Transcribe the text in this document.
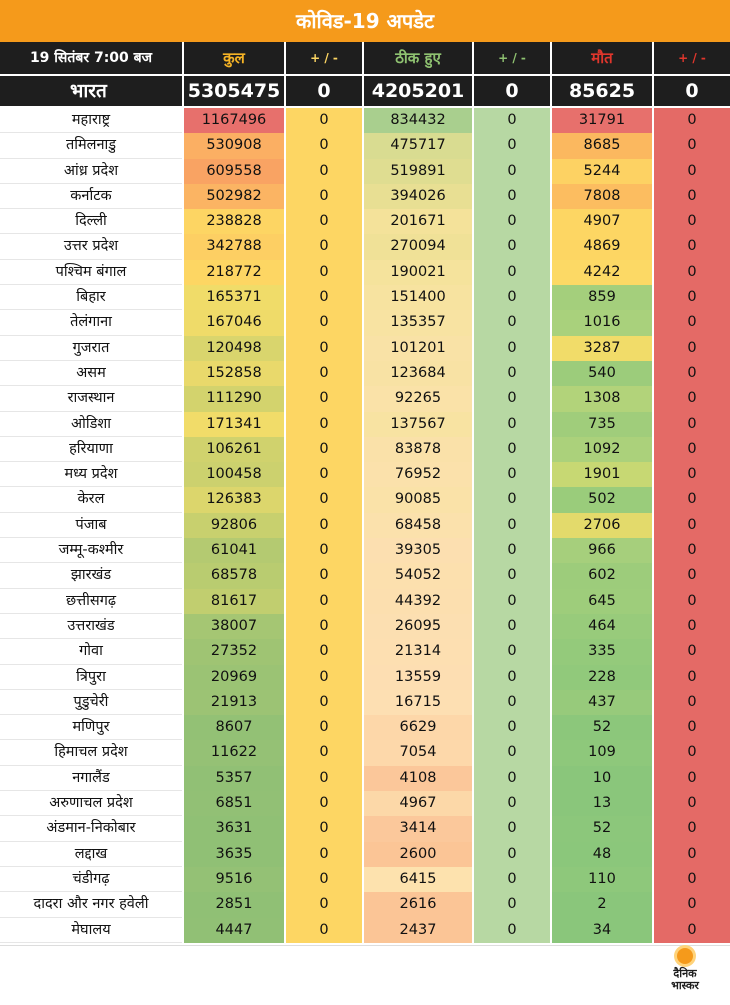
कोविड-19 अपडेट
19 सितंबर 7:00 बज	कुल	+ / -	ठीक हुए	+ / -	मौत	+ / -
भारत	5305475	0	4205201	0	85625	0
महाराष्ट्र	1167496	0	834432	0	31791	0
तमिलनाडु	530908	0	475717	0	8685	0
आंध्र प्रदेश	609558	0	519891	0	5244	0
कर्नाटक	502982	0	394026	0	7808	0
दिल्ली	238828	0	201671	0	4907	0
उत्तर प्रदेश	342788	0	270094	0	4869	0
पश्चिम बंगाल	218772	0	190021	0	4242	0
बिहार	165371	0	151400	0	859	0
तेलंगाना	167046	0	135357	0	1016	0
गुजरात	120498	0	101201	0	3287	0
असम	152858	0	123684	0	540	0
राजस्थान	111290	0	92265	0	1308	0
ओडिशा	171341	0	137567	0	735	0
हरियाणा	106261	0	83878	0	1092	0
मध्य प्रदेश	100458	0	76952	0	1901	0
केरल	126383	0	90085	0	502	0
पंजाब	92806	0	68458	0	2706	0
जम्मू-कश्मीर	61041	0	39305	0	966	0
झारखंड	68578	0	54052	0	602	0
छत्तीसगढ़	81617	0	44392	0	645	0
उत्तराखंड	38007	0	26095	0	464	0
गोवा	27352	0	21314	0	335	0
त्रिपुरा	20969	0	13559	0	228	0
पुडुचेरी	21913	0	16715	0	437	0
मणिपुर	8607	0	6629	0	52	0
हिमाचल प्रदेश	11622	0	7054	0	109	0
नगालैंड	5357	0	4108	0	10	0
अरुणाचल प्रदेश	6851	0	4967	0	13	0
अंडमान-निकोबार	3631	0	3414	0	52	0
लद्दाख	3635	0	2600	0	48	0
चंडीगढ़	9516	0	6415	0	110	0
दादरा और नगर हवेली	2851	0	2616	0	2	0
मेघालय	4447	0	2437	0	34	0
दैनिक
भास्कर
